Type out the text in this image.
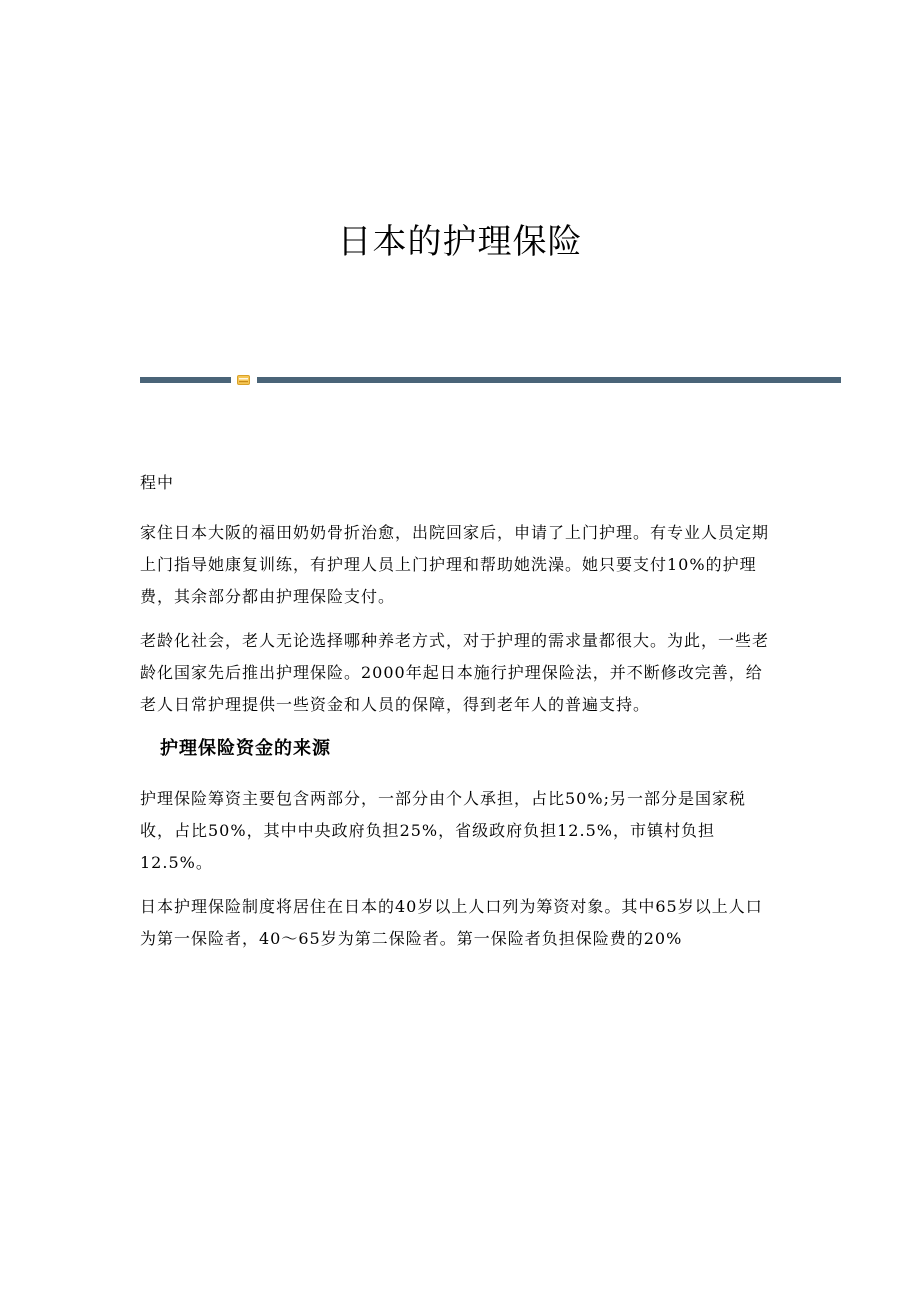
日本的护理保险

程中

家住日本大阪的福田奶奶骨折治愈，出院回家后，申请了上门护理。有专业人员定期上门指导她康复训练，有护理人员上门护理和帮助她洗澡。她只要支付10%的护理费，其余部分都由护理保险支付。

老龄化社会，老人无论选择哪种养老方式，对于护理的需求量都很大。为此，一些老龄化国家先后推出护理保险。2000年起日本施行护理保险法，并不断修改完善，给老人日常护理提供一些资金和人员的保障，得到老年人的普遍支持。

护理保险资金的来源

护理保险筹资主要包含两部分，一部分由个人承担，占比50%;另一部分是国家税收，占比50%，其中中央政府负担25%，省级政府负担12.5%，市镇村负担12.5%。

日本护理保险制度将居住在日本的40岁以上人口列为筹资对象。其中65岁以上人口为第一保险者，40～65岁为第二保险者。第一保险者负担保险费的20%
